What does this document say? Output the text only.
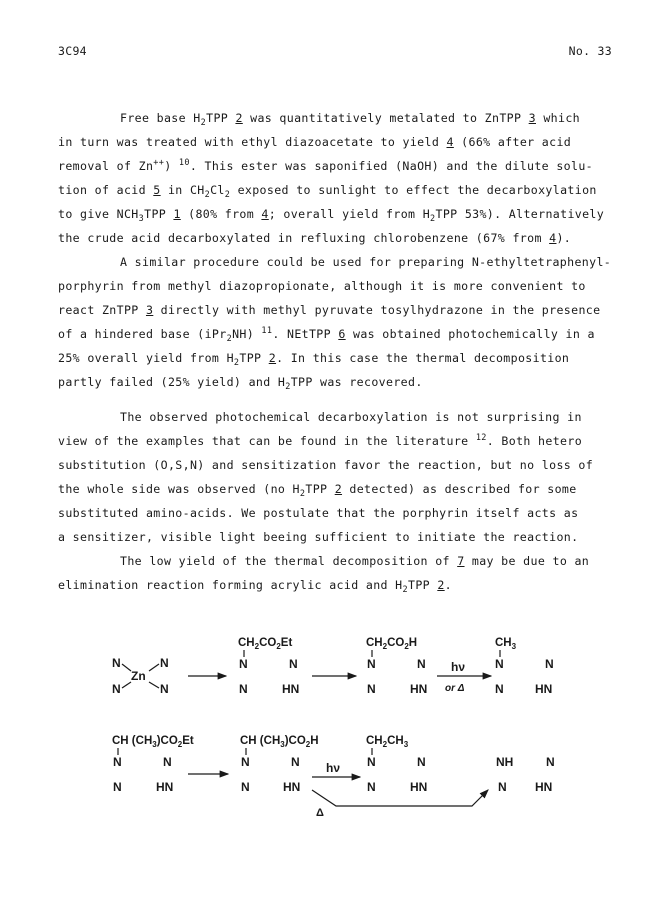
3C94	No. 33
Free base $H_2TPP$ 2 was quantitatively metalated to ZnTPP 3 which
in turn was treated with ethyl diazoacetate to yield 4 (66% after acid
removal of Zn++) $^{10}$. This ester was saponified (NaOH) and the dilute solu-
tion of acid 5 in $CH_2Cl_2$ exposed to sunlight to effect the decarboxylation
to give $NCH_3TPP$ 1 (80% from 4; overall yield from $H_2TPP$ 53%). Alternatively
the crude acid decarboxylated in refluxing chlorobenzene (67% from 4).
A similar procedure could be used for preparing N-ethyltetraphenyl-
porphyrin from methyl diazopropionate, although it is more convenient to
react ZnTPP 3 directly with methyl pyruvate tosylhydrazone in the presence
of a hindered base (iPr$_2$NH) $^{11}$. NEtTPP 6 was obtained photochemically in a
25% overall yield from $H_2TPP$ 2. In this case the thermal decomposition
partly failed (25% yield) and $H_2TPP$ was recovered.
The observed photochemical decarboxylation is not surprising in
view of the examples that can be found in the literature $^{12}$. Both hetero
substitution (O,S,N) and sensitization favor the reaction, but no loss of
the whole side was observed (no $H_2TPP$ 2 detected) as described for some
substituted amino-acids. We postulate that the porphyrin itself acts as
a sensitizer, visible light beeing sufficient to initiate the reaction.
The low yield of the thermal decomposition of 7 may be due to an
elimination reaction forming acrylic acid and $H_2TPP$ 2.
N	N
Zn
N	N
$CH_2CO_2Et$
N	N
N	HN
$CH_2CO_2H$
N	N
N	HN
hν
or Δ
$CH_3$
N	N
N	HN
CH $(CH_3)CO_2Et$
N	N
N	HN
CH $(CH_3)CO_2H$
N	N
N	HN
hν
Δ
$CH_2CH_3$
N	N
N	HN
NH	N
N HN
